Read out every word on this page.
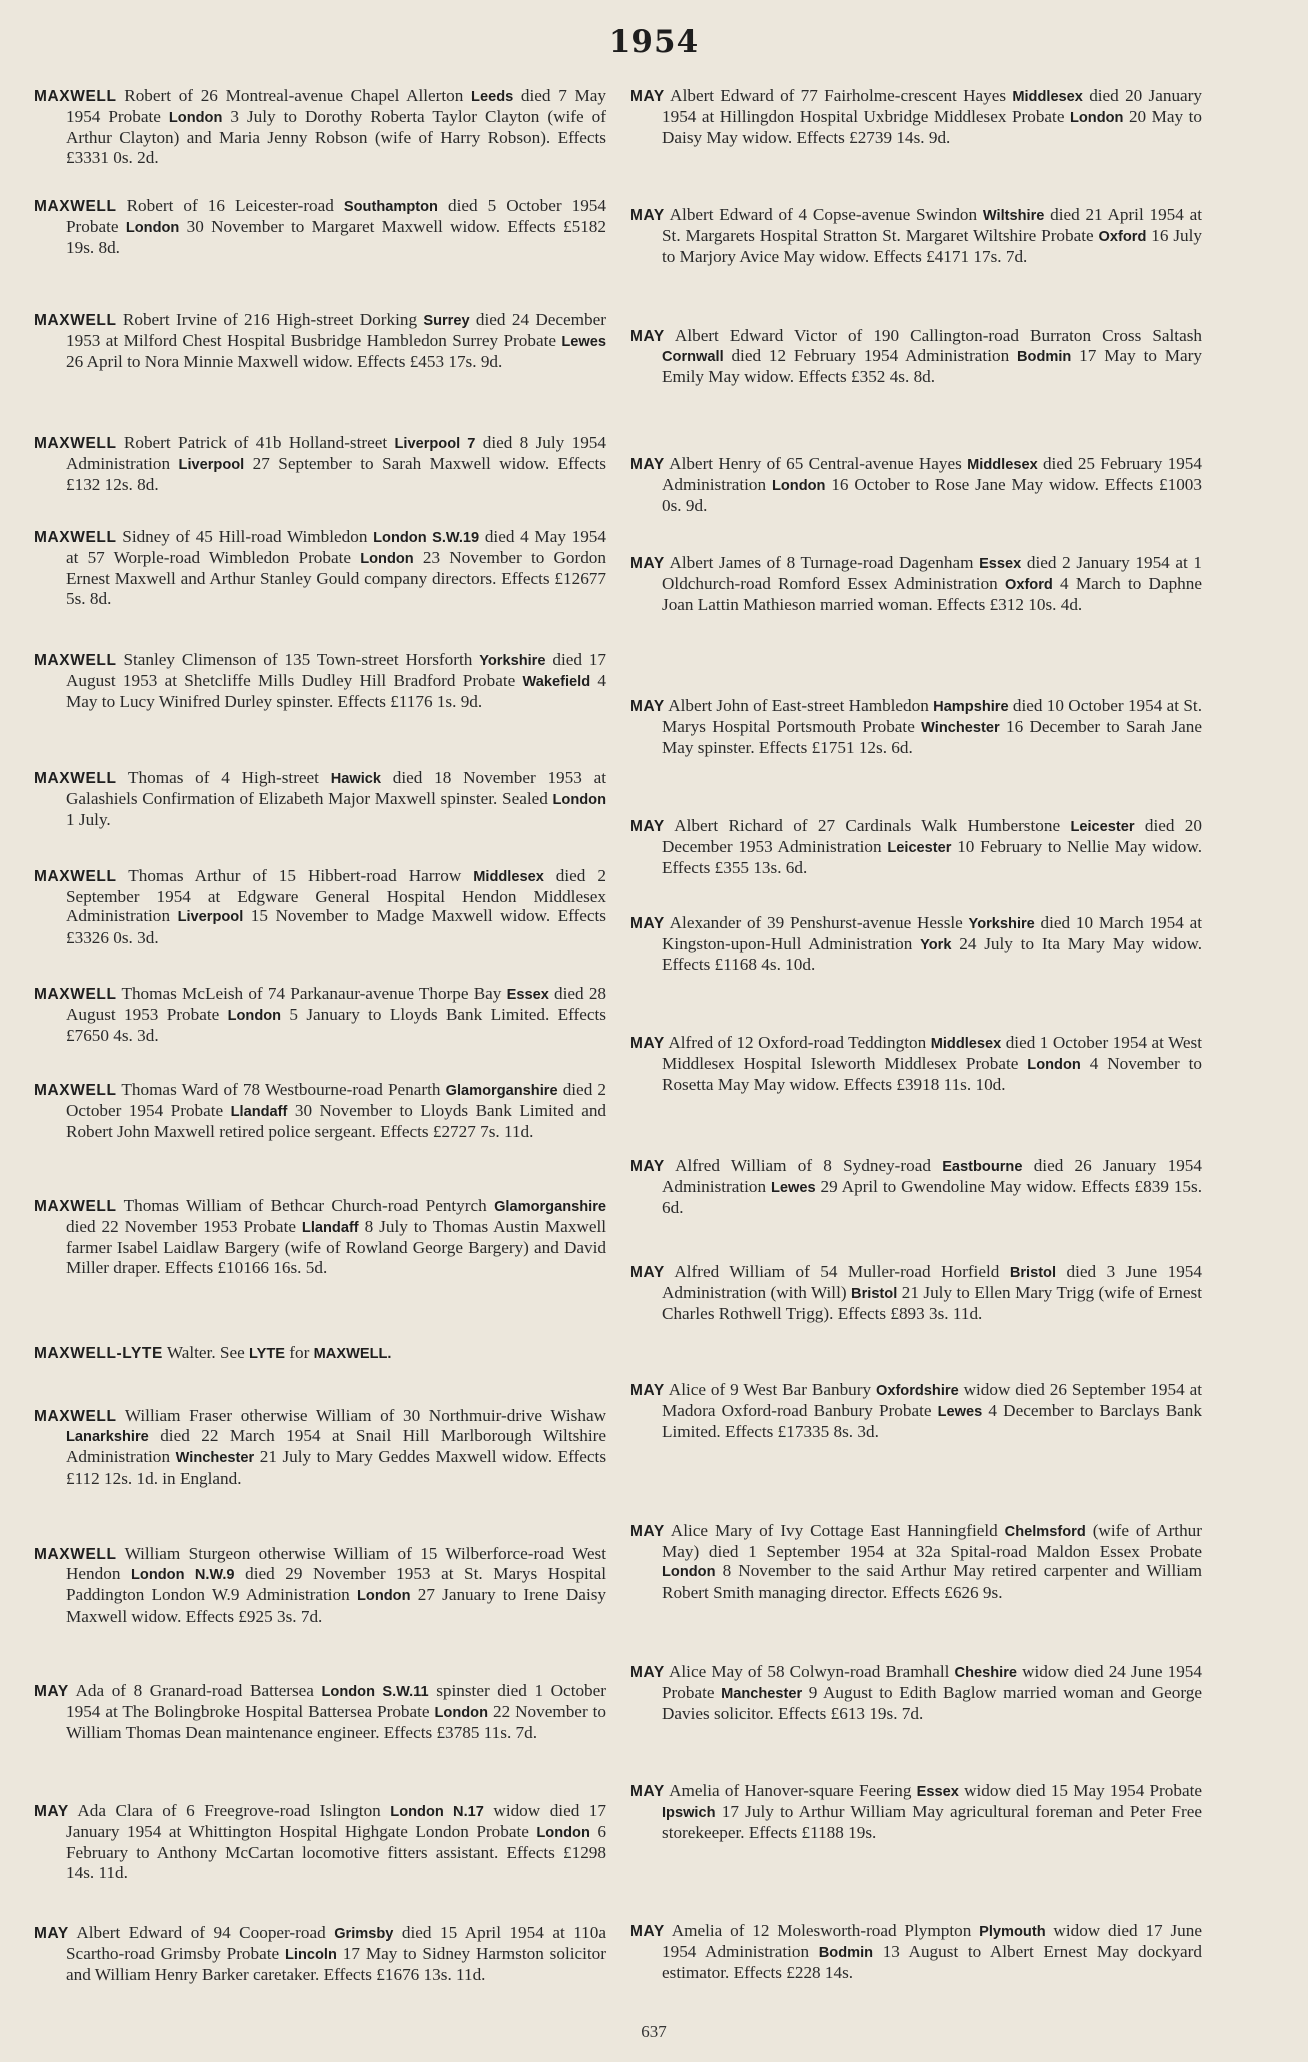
1954
MAXWELL Robert of 26 Montreal-avenue Chapel Allerton Leeds died 7 May 1954 Probate London 3 July to Dorothy Roberta Taylor Clayton (wife of Arthur Clayton) and Maria Jenny Robson (wife of Harry Robson). Effects £3331 0s. 2d.
MAXWELL Robert of 16 Leicester-road Southampton died 5 October 1954 Probate London 30 November to Margaret Maxwell widow. Effects £5182 19s. 8d.
MAXWELL Robert Irvine of 216 High-street Dorking Surrey died 24 December 1953 at Milford Chest Hospital Busbridge Hambledon Surrey Probate Lewes 26 April to Nora Minnie Maxwell widow. Effects £453 17s. 9d.
MAXWELL Robert Patrick of 41b Holland-street Liverpool 7 died 8 July 1954 Administration Liverpool 27 September to Sarah Maxwell widow. Effects £132 12s. 8d.
MAXWELL Sidney of 45 Hill-road Wimbledon London S.W.19 died 4 May 1954 at 57 Worple-road Wimbledon Probate London 23 November to Gordon Ernest Maxwell and Arthur Stanley Gould company directors. Effects £12677 5s. 8d.
MAXWELL Stanley Climenson of 135 Town-street Horsforth Yorkshire died 17 August 1953 at Shetcliffe Mills Dudley Hill Bradford Probate Wakefield 4 May to Lucy Winifred Durley spinster. Effects £1176 1s. 9d.
MAXWELL Thomas of 4 High-street Hawick died 18 November 1953 at Galashiels Confirmation of Elizabeth Major Maxwell spinster. Sealed London 1 July.
MAXWELL Thomas Arthur of 15 Hibbert-road Harrow Middlesex died 2 September 1954 at Edgware General Hospital Hendon Middlesex Administration Liverpool 15 November to Madge Maxwell widow. Effects £3326 0s. 3d.
MAXWELL Thomas McLeish of 74 Parkanaur-avenue Thorpe Bay Essex died 28 August 1953 Probate London 5 January to Lloyds Bank Limited. Effects £7650 4s. 3d.
MAXWELL Thomas Ward of 78 Westbourne-road Penarth Glamorganshire died 2 October 1954 Probate Llandaff 30 November to Lloyds Bank Limited and Robert John Maxwell retired police sergeant. Effects £2727 7s. 11d.
MAXWELL Thomas William of Bethcar Church-road Pentyrch Glamorganshire died 22 November 1953 Probate Llandaff 8 July to Thomas Austin Maxwell farmer Isabel Laidlaw Bargery (wife of Rowland George Bargery) and David Miller draper. Effects £10166 16s. 5d.
MAXWELL-LYTE Walter. See LYTE for MAXWELL.
MAXWELL William Fraser otherwise William of 30 Northmuir-drive Wishaw Lanarkshire died 22 March 1954 at Snail Hill Marlborough Wiltshire Administration Winchester 21 July to Mary Geddes Maxwell widow. Effects £112 12s. 1d. in England.
MAXWELL William Sturgeon otherwise William of 15 Wilberforce-road West Hendon London N.W.9 died 29 November 1953 at St. Marys Hospital Paddington London W.9 Administration London 27 January to Irene Daisy Maxwell widow. Effects £925 3s. 7d.
MAY Ada of 8 Granard-road Battersea London S.W.11 spinster died 1 October 1954 at The Bolingbroke Hospital Battersea Probate London 22 November to William Thomas Dean maintenance engineer. Effects £3785 11s. 7d.
MAY Ada Clara of 6 Freegrove-road Islington London N.17 widow died 17 January 1954 at Whittington Hospital Highgate London Probate London 6 February to Anthony McCartan locomotive fitters assistant. Effects £1298 14s. 11d.
MAY Albert Edward of 94 Cooper-road Grimsby died 15 April 1954 at 110a Scartho-road Grimsby Probate Lincoln 17 May to Sidney Harmston solicitor and William Henry Barker caretaker. Effects £1676 13s. 11d.
MAY Albert Edward of 77 Fairholme-crescent Hayes Middlesex died 20 January 1954 at Hillingdon Hospital Uxbridge Middlesex Probate London 20 May to Daisy May widow. Effects £2739 14s. 9d.
MAY Albert Edward of 4 Copse-avenue Swindon Wiltshire died 21 April 1954 at St. Margarets Hospital Stratton St. Margaret Wiltshire Probate Oxford 16 July to Marjory Avice May widow. Effects £4171 17s. 7d.
MAY Albert Edward Victor of 190 Callington-road Burraton Cross Saltash Cornwall died 12 February 1954 Administration Bodmin 17 May to Mary Emily May widow. Effects £352 4s. 8d.
MAY Albert Henry of 65 Central-avenue Hayes Middlesex died 25 February 1954 Administration London 16 October to Rose Jane May widow. Effects £1003 0s. 9d.
MAY Albert James of 8 Turnage-road Dagenham Essex died 2 January 1954 at 1 Oldchurch-road Romford Essex Administration Oxford 4 March to Daphne Joan Lattin Mathieson married woman. Effects £312 10s. 4d.
MAY Albert John of East-street Hambledon Hampshire died 10 October 1954 at St. Marys Hospital Portsmouth Probate Winchester 16 December to Sarah Jane May spinster. Effects £1751 12s. 6d.
MAY Albert Richard of 27 Cardinals Walk Humberstone Leicester died 20 December 1953 Administration Leicester 10 February to Nellie May widow. Effects £355 13s. 6d.
MAY Alexander of 39 Penshurst-avenue Hessle Yorkshire died 10 March 1954 at Kingston-upon-Hull Administration York 24 July to Ita Mary May widow. Effects £1168 4s. 10d.
MAY Alfred of 12 Oxford-road Teddington Middlesex died 1 October 1954 at West Middlesex Hospital Isleworth Middlesex Probate London 4 November to Rosetta May May widow. Effects £3918 11s. 10d.
MAY Alfred William of 8 Sydney-road Eastbourne died 26 January 1954 Administration Lewes 29 April to Gwendoline May widow. Effects £839 15s. 6d.
MAY Alfred William of 54 Muller-road Horfield Bristol died 3 June 1954 Administration (with Will) Bristol 21 July to Ellen Mary Trigg (wife of Ernest Charles Rothwell Trigg). Effects £893 3s. 11d.
MAY Alice of 9 West Bar Banbury Oxfordshire widow died 26 September 1954 at Madora Oxford-road Banbury Probate Lewes 4 December to Barclays Bank Limited. Effects £17335 8s. 3d.
MAY Alice Mary of Ivy Cottage East Hanningfield Chelmsford (wife of Arthur May) died 1 September 1954 at 32a Spital-road Maldon Essex Probate London 8 November to the said Arthur May retired carpenter and William Robert Smith managing director. Effects £626 9s.
MAY Alice May of 58 Colwyn-road Bramhall Cheshire widow died 24 June 1954 Probate Manchester 9 August to Edith Baglow married woman and George Davies solicitor. Effects £613 19s. 7d.
MAY Amelia of Hanover-square Feering Essex widow died 15 May 1954 Probate Ipswich 17 July to Arthur William May agricultural foreman and Peter Free storekeeper. Effects £1188 19s.
MAY Amelia of 12 Molesworth-road Plympton Plymouth widow died 17 June 1954 Administration Bodmin 13 August to Albert Ernest May dockyard estimator. Effects £228 14s.
637
